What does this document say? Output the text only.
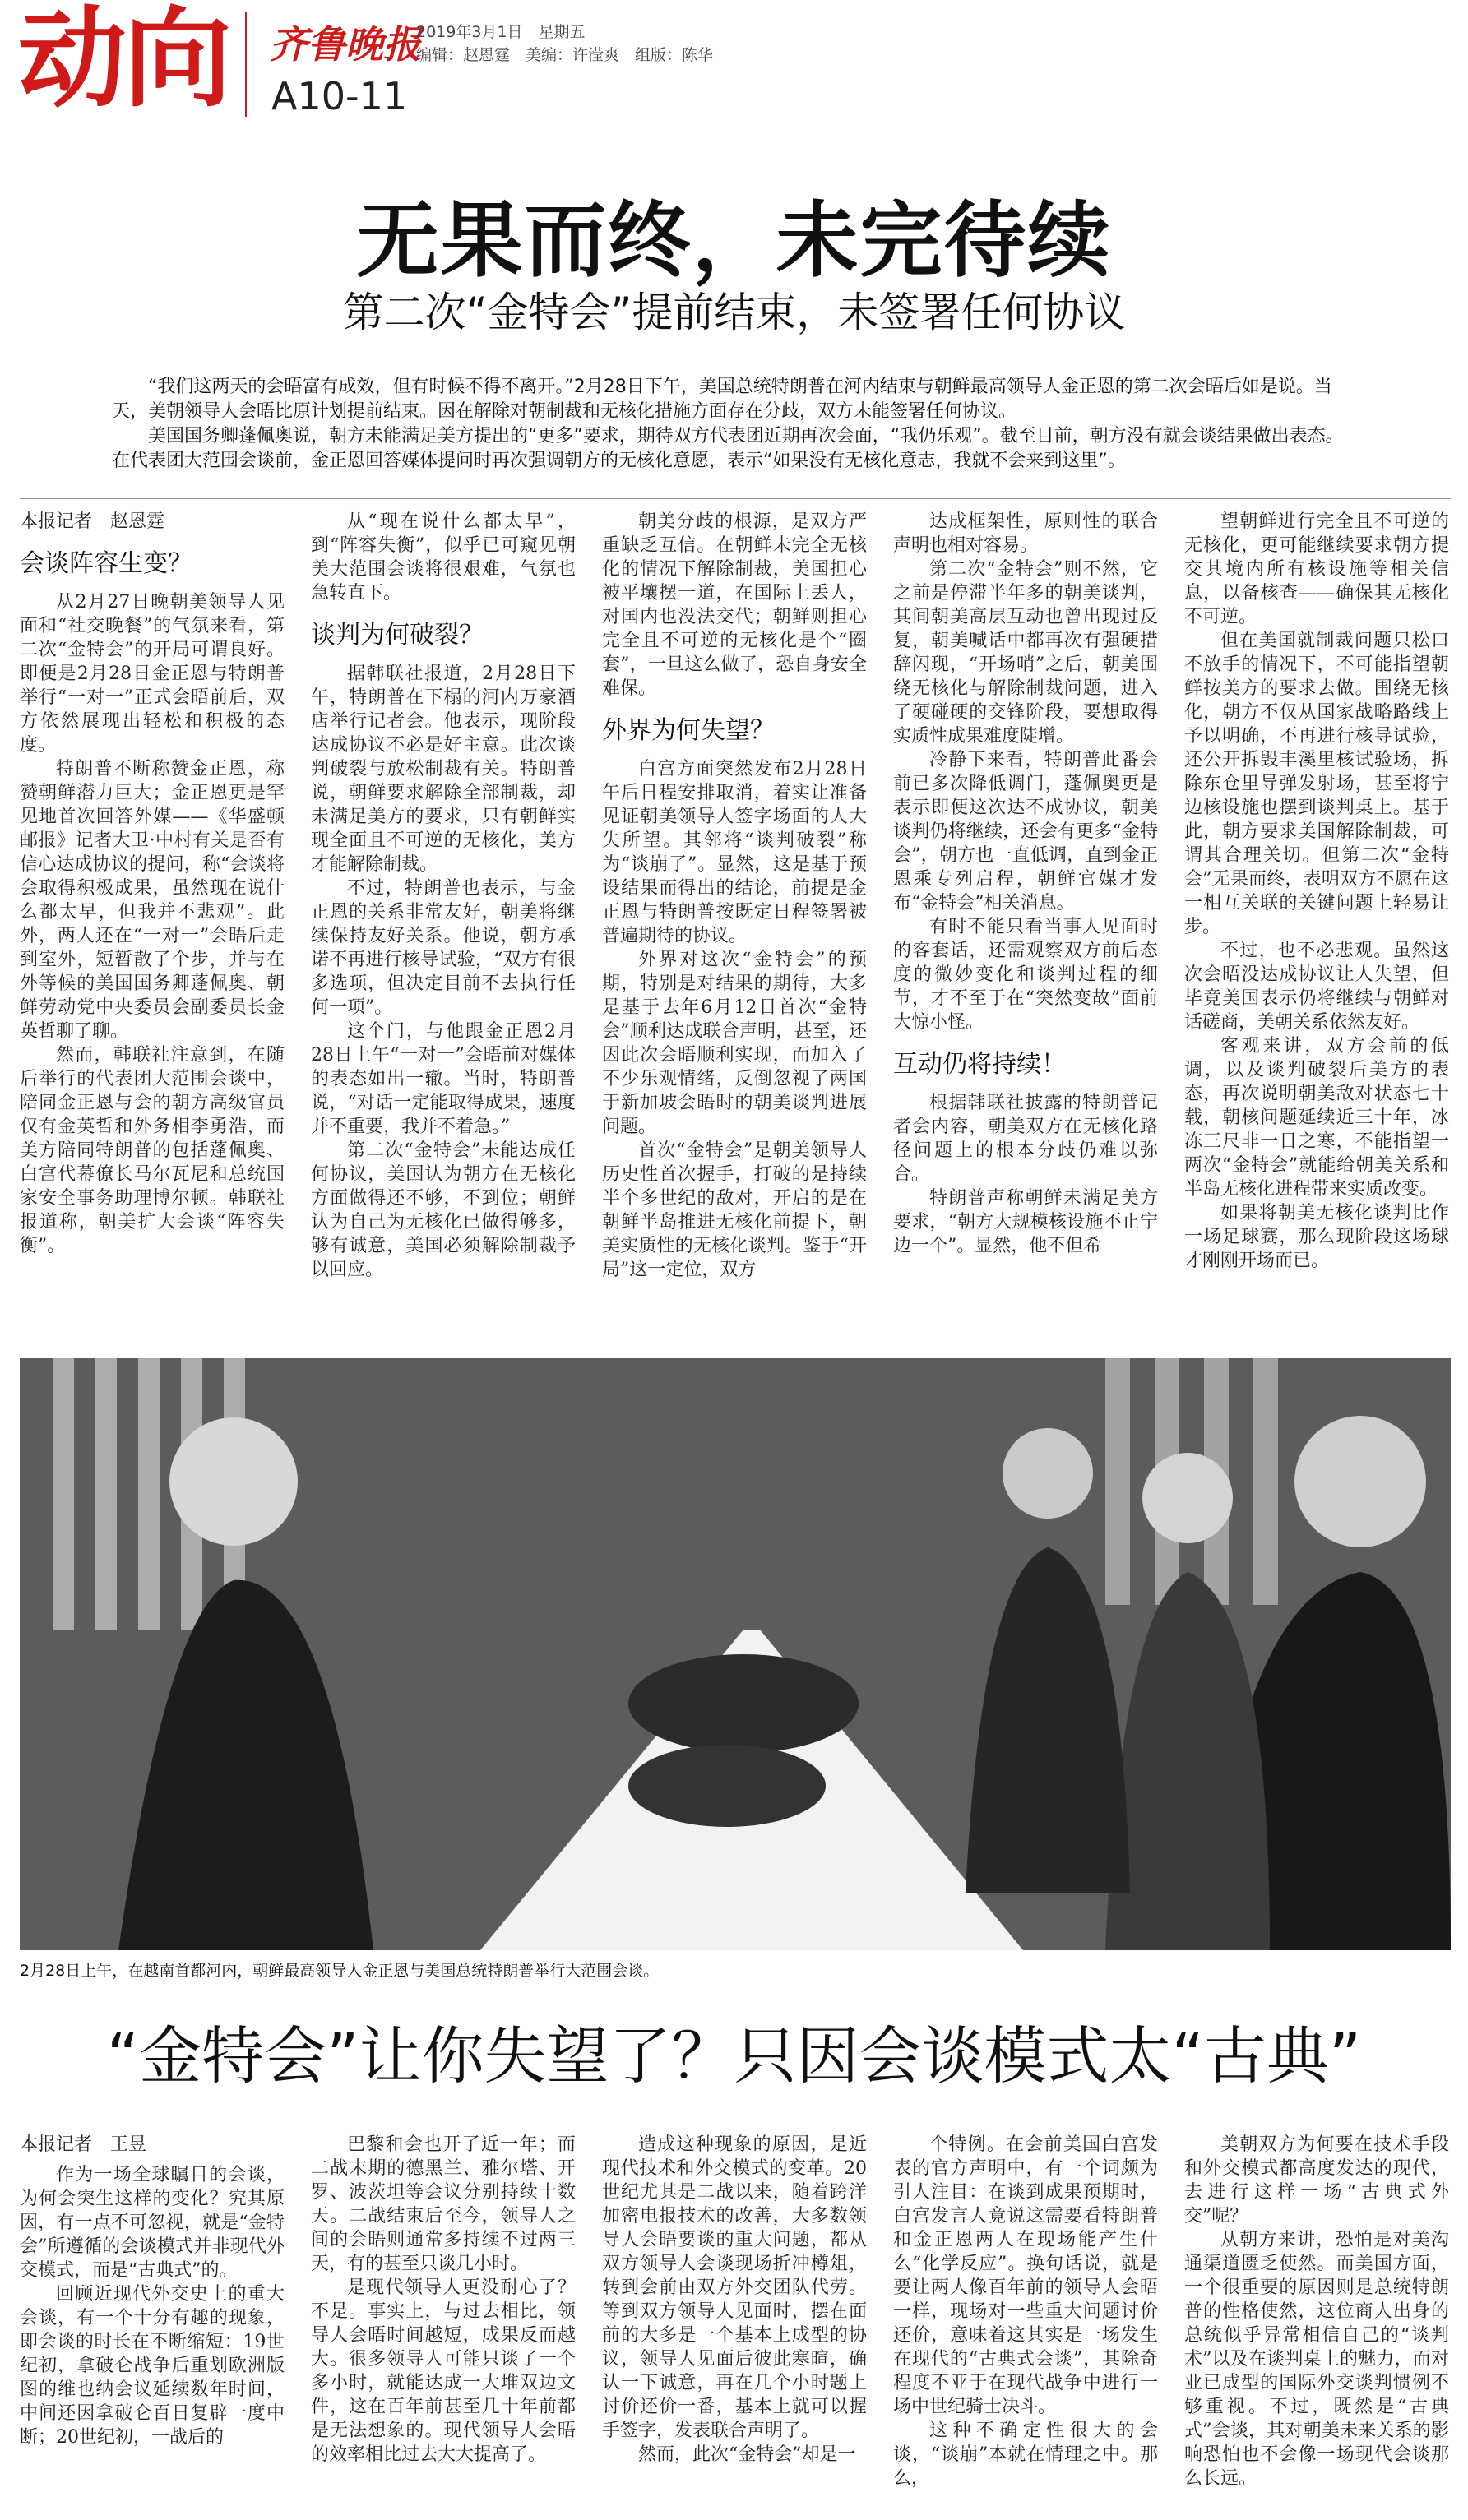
动向 齐鲁晚报
A10-11
2019年3月1日　星期五
编辑：赵恩霆　美编：许滢爽　组版：陈华
无果而终，未完待续
第二次“金特会”提前结束，未签署任何协议

“我们这两天的会晤富有成效，但有时候不得不离开。”2月28日下午，美国总统特朗普在河内结束与朝鲜最高领导人金正恩的第二次会晤后如是说。当天，美朝领导人会晤比原计划提前结束。因在解除对朝制裁和无核化措施方面存在分歧，双方未能签署任何协议。

美国国务卿蓬佩奥说，朝方未能满足美方提出的“更多”要求，期待双方代表团近期再次会面，“我仍乐观”。截至目前，朝方没有就会谈结果做出表态。在代表团大范围会谈前，金正恩回答媒体提问时再次强调朝方的无核化意愿，表示“如果没有无核化意志，我就不会来到这里”。

本报记者　赵恩霆
会谈阵容生变？

从2月27日晚朝美领导人见面和“社交晚餐”的气氛来看，第二次“金特会”的开局可谓良好。即便是2月28日金正恩与特朗普举行“一对一”正式会晤前后，双方依然展现出轻松和积极的态度。

特朗普不断称赞金正恩，称赞朝鲜潜力巨大；金正恩更是罕见地首次回答外媒——《华盛顿邮报》记者大卫·中村有关是否有信心达成协议的提问，称“会谈将会取得积极成果，虽然现在说什么都太早，但我并不悲观”。此外，两人还在“一对一”会晤后走到室外，短暂散了个步，并与在外等候的美国国务卿蓬佩奥、朝鲜劳动党中央委员会副委员长金英哲聊了聊。

然而，韩联社注意到，在随后举行的代表团大范围会谈中，陪同金正恩与会的朝方高级官员仅有金英哲和外务相李勇浩，而美方陪同特朗普的包括蓬佩奥、白宫代幕僚长马尔瓦尼和总统国家安全事务助理博尔顿。韩联社报道称，朝美扩大会谈“阵容失衡”。

从“现在说什么都太早”，到“阵容失衡”，似乎已可窥见朝美大范围会谈将很艰难，气氛也急转直下。

谈判为何破裂？

据韩联社报道，2月28日下午，特朗普在下榻的河内万豪酒店举行记者会。他表示，现阶段达成协议不必是好主意。此次谈判破裂与放松制裁有关。特朗普说，朝鲜要求解除全部制裁，却未满足美方的要求，只有朝鲜实现全面且不可逆的无核化，美方才能解除制裁。

不过，特朗普也表示，与金正恩的关系非常友好，朝美将继续保持友好关系。他说，朝方承诺不再进行核导试验，“双方有很多选项，但决定目前不去执行任何一项”。

这个门，与他跟金正恩2月28日上午“一对一”会晤前对媒体的表态如出一辙。当时，特朗普说，“对话一定能取得成果，速度并不重要，我并不着急。”

第二次“金特会”未能达成任何协议，美国认为朝方在无核化方面做得还不够，不到位；朝鲜认为自己为无核化已做得够多，够有诚意，美国必须解除制裁予以回应。

朝美分歧的根源，是双方严重缺乏互信。在朝鲜未完全无核化的情况下解除制裁，美国担心被平壤摆一道，在国际上丢人，对国内也没法交代；朝鲜则担心完全且不可逆的无核化是个“圈套”，一旦这么做了，恐自身安全难保。

外界为何失望？

白宫方面突然发布2月28日午后日程安排取消，着实让准备见证朝美领导人签字场面的人大失所望。其邻将“谈判破裂”称为“谈崩了”。显然，这是基于预设结果而得出的结论，前提是金正恩与特朗普按既定日程签署被普遍期待的协议。

外界对这次“金特会”的预期，特别是对结果的期待，大多是基于去年6月12日首次“金特会”顺利达成联合声明，甚至，还因此次会晤顺利实现，而加入了不少乐观情绪，反倒忽视了两国于新加坡会晤时的朝美谈判进展问题。

首次“金特会”是朝美领导人历史性首次握手，打破的是持续半个多世纪的敌对，开启的是在朝鲜半岛推进无核化前提下，朝美实质性的无核化谈判。鉴于“开局”这一定位，双方

达成框架性，原则性的联合声明也相对容易。

第二次“金特会”则不然，它之前是停滞半年多的朝美谈判，其间朝美高层互动也曾出现过反复，朝美喊话中都再次有强硬措辞闪现，“开场哨”之后，朝美围绕无核化与解除制裁问题，进入了硬碰硬的交锋阶段，要想取得实质性成果难度陡增。

冷静下来看，特朗普此番会前已多次降低调门，蓬佩奥更是表示即便这次达不成协议，朝美谈判仍将继续，还会有更多“金特会”，朝方也一直低调，直到金正恩乘专列启程，朝鲜官媒才发布“金特会”相关消息。

有时不能只看当事人见面时的客套话，还需观察双方前后态度的微妙变化和谈判过程的细节，才不至于在“突然变故”面前大惊小怪。

互动仍将持续！

根据韩联社披露的特朗普记者会内容，朝美双方在无核化路径问题上的根本分歧仍难以弥合。

特朗普声称朝鲜未满足美方要求，“朝方大规模核设施不止宁边一个”。显然，他不但希

望朝鲜进行完全且不可逆的无核化，更可能继续要求朝方提交其境内所有核设施等相关信息，以备核查——确保其无核化不可逆。

但在美国就制裁问题只松口不放手的情况下，不可能指望朝鲜按美方的要求去做。围绕无核化，朝方不仅从国家战略路线上予以明确，不再进行核导试验，还公开拆毁丰溪里核试验场，拆除东仓里导弹发射场，甚至将宁边核设施也摆到谈判桌上。基于此，朝方要求美国解除制裁，可谓其合理关切。但第二次“金特会”无果而终，表明双方不愿在这一相互关联的关键问题上轻易让步。

不过，也不必悲观。虽然这次会晤没达成协议让人失望，但毕竟美国表示仍将继续与朝鲜对话磋商，美朝关系依然友好。

客观来讲，双方会前的低调，以及谈判破裂后美方的表态，再次说明朝美敌对状态七十载，朝核问题延续近三十年，冰冻三尺非一日之寒，不能指望一两次“金特会”就能给朝美关系和半岛无核化进程带来实质改变。

如果将朝美无核化谈判比作一场足球赛，那么现阶段这场球才刚刚开场而已。

2月28日上午，在越南首都河内，朝鲜最高领导人金正恩与美国总统特朗普举行大范围会谈。
“金特会”让你失望了？只因会谈模式太“古典”
本报记者　王昱

作为一场全球瞩目的会谈，为何会突生这样的变化？究其原因，有一点不可忽视，就是“金特会”所遵循的会谈模式并非现代外交模式，而是“古典式”的。

回顾近现代外交史上的重大会谈，有一个十分有趣的现象，即会谈的时长在不断缩短：19世纪初，拿破仑战争后重划欧洲版图的维也纳会议延续数年时间，中间还因拿破仑百日复辟一度中断；20世纪初，一战后的

巴黎和会也开了近一年；而二战末期的德黑兰、雅尔塔、开罗、波茨坦等会议分别持续十数天。二战结束后至今，领导人之间的会晤则通常多持续不过两三天，有的甚至只谈几小时。

是现代领导人更没耐心了？不是。事实上，与过去相比，领导人会晤时间越短，成果反而越大。很多领导人可能只谈了一个多小时，就能达成一大堆双边文件，这在百年前甚至几十年前都是无法想象的。现代领导人会晤的效率相比过去大大提高了。

造成这种现象的原因，是近现代技术和外交模式的变革。20世纪尤其是二战以来，随着跨洋加密电报技术的改善，大多数领导人会晤要谈的重大问题，都从双方领导人会谈现场折冲樽俎，转到会前由双方外交团队代劳。等到双方领导人见面时，摆在面前的大多是一个基本上成型的协议，领导人见面后彼此寒暄，确认一下诚意，再在几个小时题上讨价还价一番，基本上就可以握手签字，发表联合声明了。

然而，此次“金特会”却是一

个特例。在会前美国白宫发表的官方声明中，有一个词颇为引人注目：在谈到成果预期时，白宫发言人竟说这需要看特朗普和金正恩两人在现场能产生什么“化学反应”。换句话说，就是要让两人像百年前的领导人会晤一样，现场对一些重大问题讨价还价，意味着这其实是一场发生在现代的“古典式会谈”，其除奇程度不亚于在现代战争中进行一场中世纪骑士决斗。

这种不确定性很大的会谈，“谈崩”本就在情理之中。那么，

美朝双方为何要在技术手段和外交模式都高度发达的现代，去进行这样一场“古典式外交”呢？

从朝方来讲，恐怕是对美沟通渠道匮乏使然。而美国方面，一个很重要的原因则是总统特朗普的性格使然，这位商人出身的总统似乎异常相信自己的“谈判术”以及在谈判桌上的魅力，而对业已成型的国际外交谈判惯例不够重视。不过，既然是“古典式”会谈，其对朝美未来关系的影响恐怕也不会像一场现代会谈那么长远。
